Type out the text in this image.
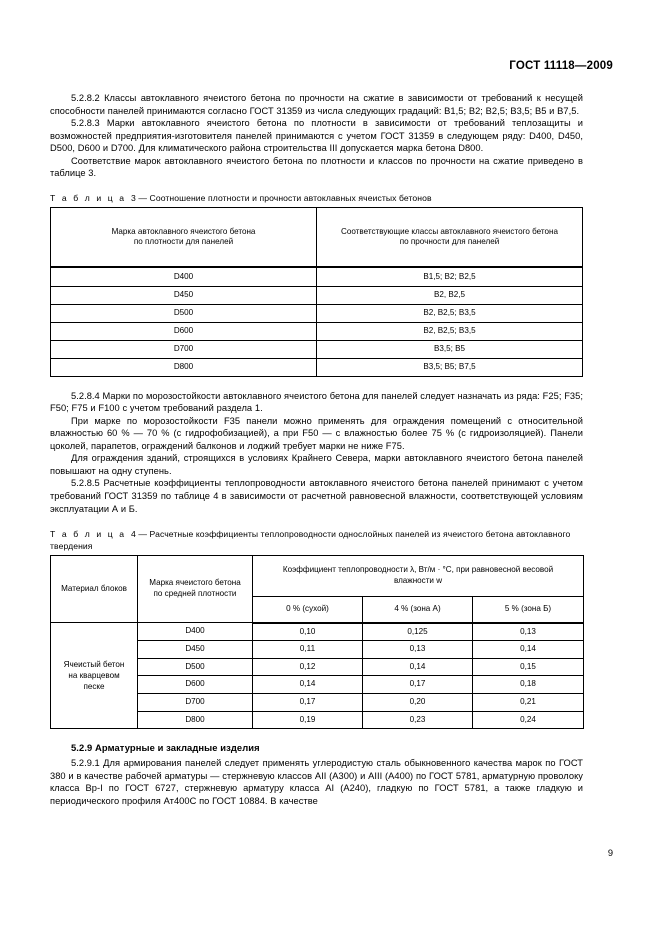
ГОСТ 11118—2009

5.2.8.2 Классы автоклавного ячеистого бетона по прочности на сжатие в зависимости от требований к несущей способности панелей принимаются согласно ГОСТ 31359 из числа следующих градаций: В1,5; В2; В2,5; В3,5; В5 и В7,5.

5.2.8.3 Марки автоклавного ячеистого бетона по плотности в зависимости от требований теплозащиты и возможностей предприятия-изготовителя панелей принимаются с учетом ГОСТ 31359 в следующем ряду: D400, D450, D500, D600 и D700. Для климатического района строительства III допускается марка бетона D800.

Соответствие марок автоклавного ячеистого бетона по плотности и классов по прочности на сжатие приведено в таблице 3.

Т а б л и ц а 3 — Соотношение плотности и прочности автоклавных ячеистых бетонов

Марка автоклавного ячеистого бетона
по плотности для панелей

Соответствующие классы автоклавного ячеистого бетона
по прочности для панелей

D400	В1,5; В2; В2,5
D450	В2, В2,5
D500	В2, В2,5; В3,5
D600	В2, В2,5; В3,5
D700	В3,5; В5
D800	В3,5; В5; В7,5

5.2.8.4 Марки по морозостойкости автоклавного ячеистого бетона для панелей следует назначать из ряда: F25; F35; F50; F75 и F100 с учетом требований раздела 1.

При марке по морозостойкости F35 панели можно применять для ограждения помещений с относительной влажностью 60 % — 70 % (с гидрофобизацией), а при F50 — с влажностью более 75 % (с гидроизоляцией). Панели цоколей, парапетов, ограждений балконов и лоджий требует марки не ниже F75.

Для ограждения зданий, строящихся в условиях Крайнего Севера, марки автоклавного ячеистого бетона панелей повышают на одну ступень.

5.2.8.5 Расчетные коэффициенты теплопроводности автоклавного ячеистого бетона панелей принимают с учетом требований ГОСТ 31359 по таблице 4 в зависимости от расчетной равновесной влажности, соответствующей условиям эксплуатации А и Б.

Т а б л и ц а 4 — Расчетные коэффициенты теплопроводности однослойных панелей из ячеистого бетона автоклавного твердения

Материал блоков	
Марка ячеистого бетона
по средней плотности

Коэффициент теплопроводности λ, Вт/м · °С, при равновесной весовой
влажности w

		0 % (сухой)	4 % (зона А)	5 % (зона Б)

Ячеистый бетон
на кварцевом
песке	D400	0,10	0,125	0,13
	D450	0,11	0,13	0,14
	D500	0,12	0,14	0,15
	D600	0,14	0,17	0,18
	D700	0,17	0,20	0,21
	D800	0,19	0,23	0,24
5.2.9 Арматурные и закладные изделия

5.2.9.1 Для армирования панелей следует применять углеродистую сталь обыкновенного качества марок по ГОСТ 380 и в качестве рабочей арматуры — стержневую классов АII (А300) и АIII (А400) по ГОСТ 5781, арматурную проволоку класса Вр-I по ГОСТ 6727, стержневую арматуру класса АI (А240), гладкую по ГОСТ 5781, а также гладкую и периодического профиля Ат400С по ГОСТ 10884. В качестве

9
